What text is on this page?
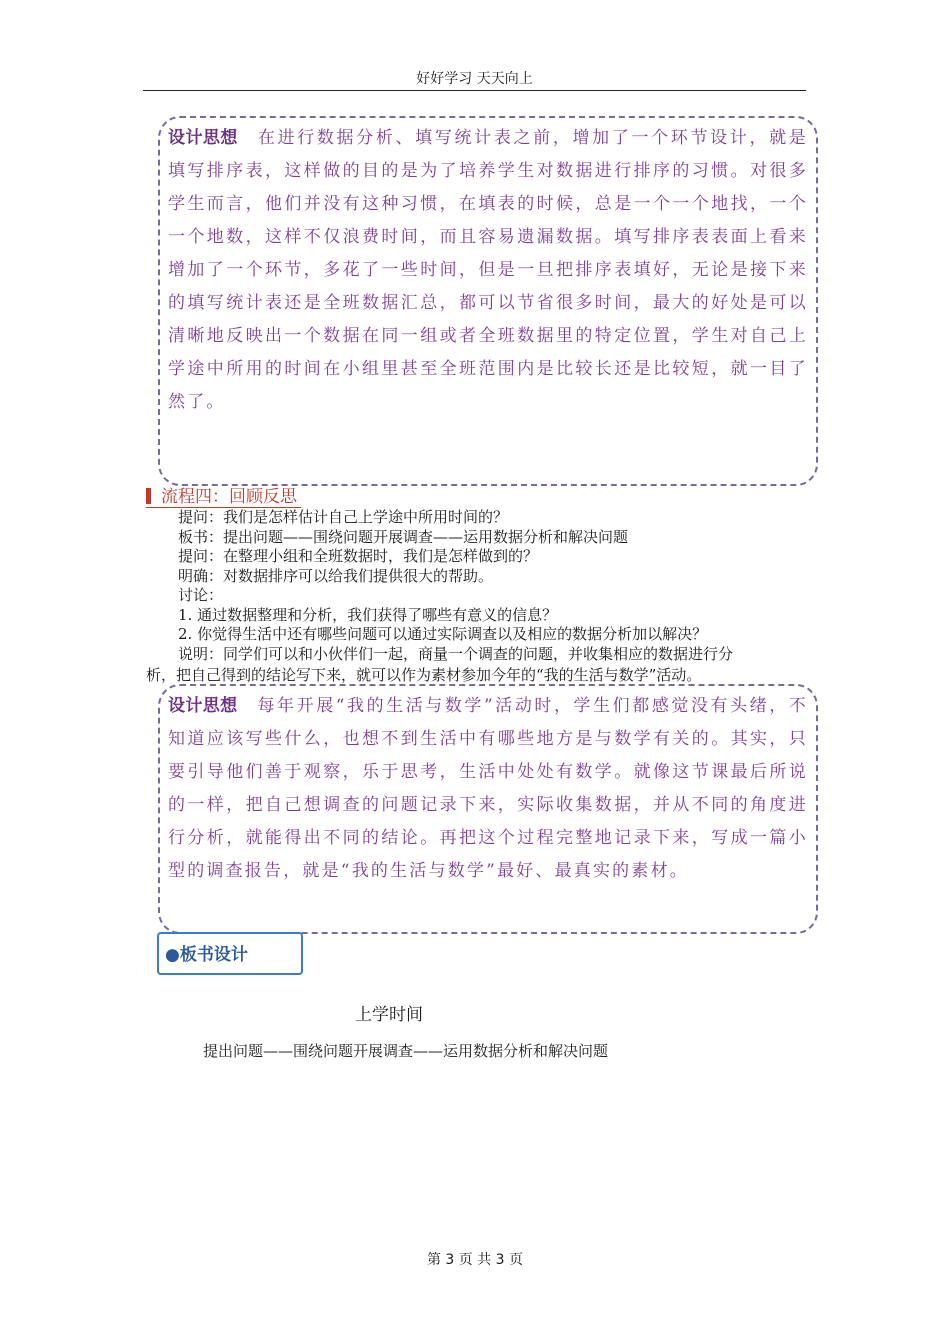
好好学习 天天向上
设计思想 在进行数据分析、填写统计表之前，增加了一个环节设计，就是填写排序表，这样做的目的是为了培养学生对数据进行排序的习惯。对很多学生而言，他们并没有这种习惯，在填表的时候，总是一个一个地找，一个一个地数，这样不仅浪费时间，而且容易遗漏数据。填写排序表表面上看来增加了一个环节，多花了一些时间，但是一旦把排序表填好，无论是接下来的填写统计表还是全班数据汇总，都可以节省很多时间，最大的好处是可以清晰地反映出一个数据在同一组或者全班数据里的特定位置，学生对自己上学途中所用的时间在小组里甚至全班范围内是比较长还是比较短，就一目了然了。
流程四：回顾反思
提问：我们是怎样估计自己上学途中所用时间的？
板书：提出问题——围绕问题开展调查——运用数据分析和解决问题
提问：在整理小组和全班数据时，我们是怎样做到的？
明确：对数据排序可以给我们提供很大的帮助。
讨论：
1. 通过数据整理和分析，我们获得了哪些有意义的信息？
2. 你觉得生活中还有哪些问题可以通过实际调查以及相应的数据分析加以解决？
说明：同学们可以和小伙伴们一起，商量一个调查的问题，并收集相应的数据进行分
析，把自己得到的结论写下来，就可以作为素材参加今年的“我的生活与数学”活动。
设计思想 每年开展“我的生活与数学”活动时，学生们都感觉没有头绪，不知道应该写些什么，也想不到生活中有哪些地方是与数学有关的。其实，只要引导他们善于观察，乐于思考，生活中处处有数学。就像这节课最后所说的一样，把自己想调查的问题记录下来，实际收集数据，并从不同的角度进行分析，就能得出不同的结论。再把这个过程完整地记录下来，写成一篇小型的调查报告，就是“我的生活与数学”最好、最真实的素材。
●板书设计
上学时间
提出问题——围绕问题开展调查——运用数据分析和解决问题
第 3 页 共 3 页
